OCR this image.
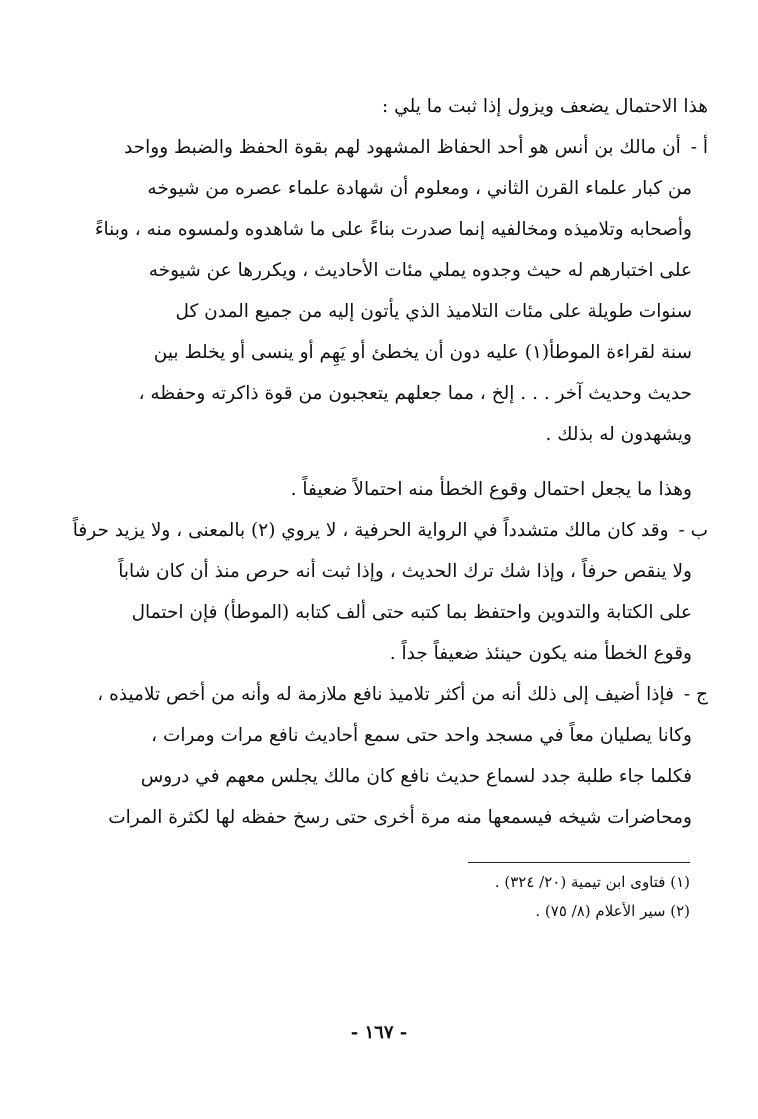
هذا الاحتمال يضعف ويزول إذا ثبت ما يلي :

أ - أن مالك بن أنس هو أحد الحفاظ المشهود لهم بقوة الحفظ والضبط وواحد

من كبار علماء القرن الثاني ، ومعلوم أن شهادة علماء عصره من شيوخه

وأصحابه وتلاميذه ومخالفيه إنما صدرت بناءً على ما شاهدوه ولمسوه منه ، وبناءً

على اختبارهم له حيث وجدوه يملي مئات الأحاديث ، ويكررها عن شيوخه

سنوات طويلة على مئات التلاميذ الذي يأتون إليه من جميع المدن كل

سنة لقراءة الموطأ(١) عليه دون أن يخطئ أو يَهِم أو ينسى أو يخلط بين

حديث وحديث آخر . . . إلخ ، مما جعلهم يتعجبون من قوة ذاكرته وحفظه ،

ويشهدون له بذلك .

وهذا ما يجعل احتمال وقوع الخطأ منه احتمالاً ضعيفاً .

ب - وقد كان مالك متشدداً في الرواية الحرفية ، لا يروي (٢) بالمعنى ، ولا يزيد حرفاً

ولا ينقص حرفاً ، وإذا شك ترك الحديث ، وإذا ثبت أنه حرص منذ أن كان شاباً

على الكتابة والتدوين واحتفظ بما كتبه حتى ألف كتابه (الموطأ) فإن احتمال

وقوع الخطأ منه يكون حينئذ ضعيفاً جداً .

ج - فإذا أضيف إلى ذلك أنه من أكثر تلاميذ نافع ملازمة له وأنه من أخص تلاميذه ،

وكانا يصليان معاً في مسجد واحد حتى سمع أحاديث نافع مرات ومرات ،

فكلما جاء طلبة جدد لسماع حديث نافع كان مالك يجلس معهم في دروس

ومحاضرات شيخه فيسمعها منه مرة أخرى حتى رسخ حفظه لها لكثرة المرات

(١) فتاوى ابن تيمية (٢٠/ ٣٢٤) .

(٢) سير الأعلام (٨/ ٧٥) .

- ١٦٧ -
